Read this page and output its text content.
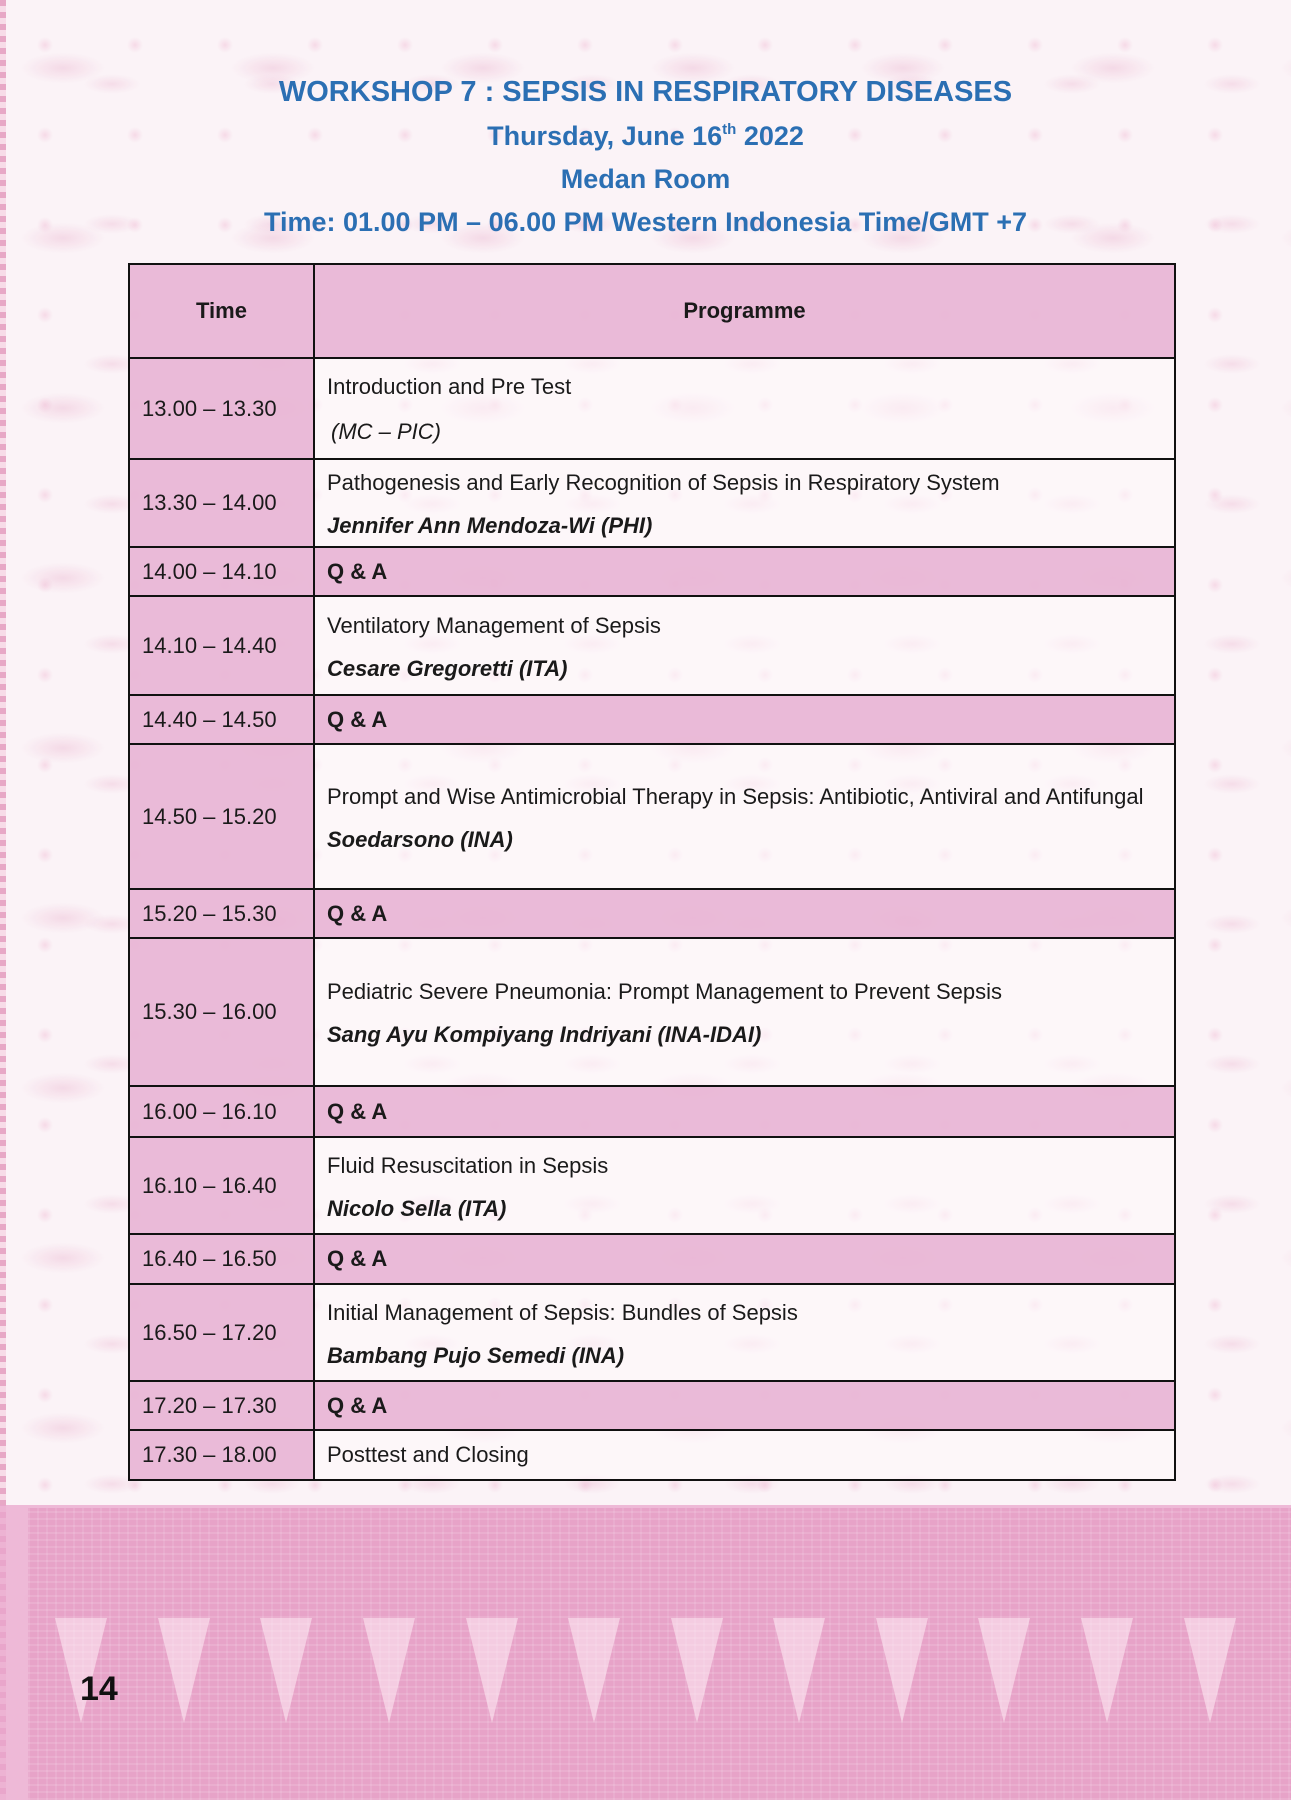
WORKSHOP 7 : SEPSIS IN RESPIRATORY DISEASES
Thursday, June 16th 2022
Medan Room
Time: 01.00 PM – 06.00 PM Western Indonesia Time/GMT +7
Time	Programme
13.00 – 13.30	Introduction and Pre Test
(MC – PIC)

13.30 – 14.00	Pathogenesis and Early Recognition of Sepsis in Respiratory System
Jennifer Ann Mendoza-Wi (PHI)

14.00 – 14.10	Q & A
14.10 – 14.40	Ventilatory Management of Sepsis
Cesare Gregoretti (ITA)

14.40 – 14.50	Q & A
14.50 – 15.20	Prompt and Wise Antimicrobial Therapy in Sepsis: Antibiotic, Antiviral and Antifungal
Soedarsono (INA)

15.20 – 15.30	Q & A
15.30 – 16.00	Pediatric Severe Pneumonia: Prompt Management to Prevent Sepsis
Sang Ayu Kompiyang Indriyani (INA-IDAI)

16.00 – 16.10	Q & A
16.10 – 16.40	Fluid Resuscitation in Sepsis
Nicolo Sella (ITA)

16.40 – 16.50	Q & A
16.50 – 17.20	Initial Management of Sepsis: Bundles of Sepsis
Bambang Pujo Semedi (INA)

17.20 – 17.30	Q & A
17.30 – 18.00	Posttest and Closing
14
